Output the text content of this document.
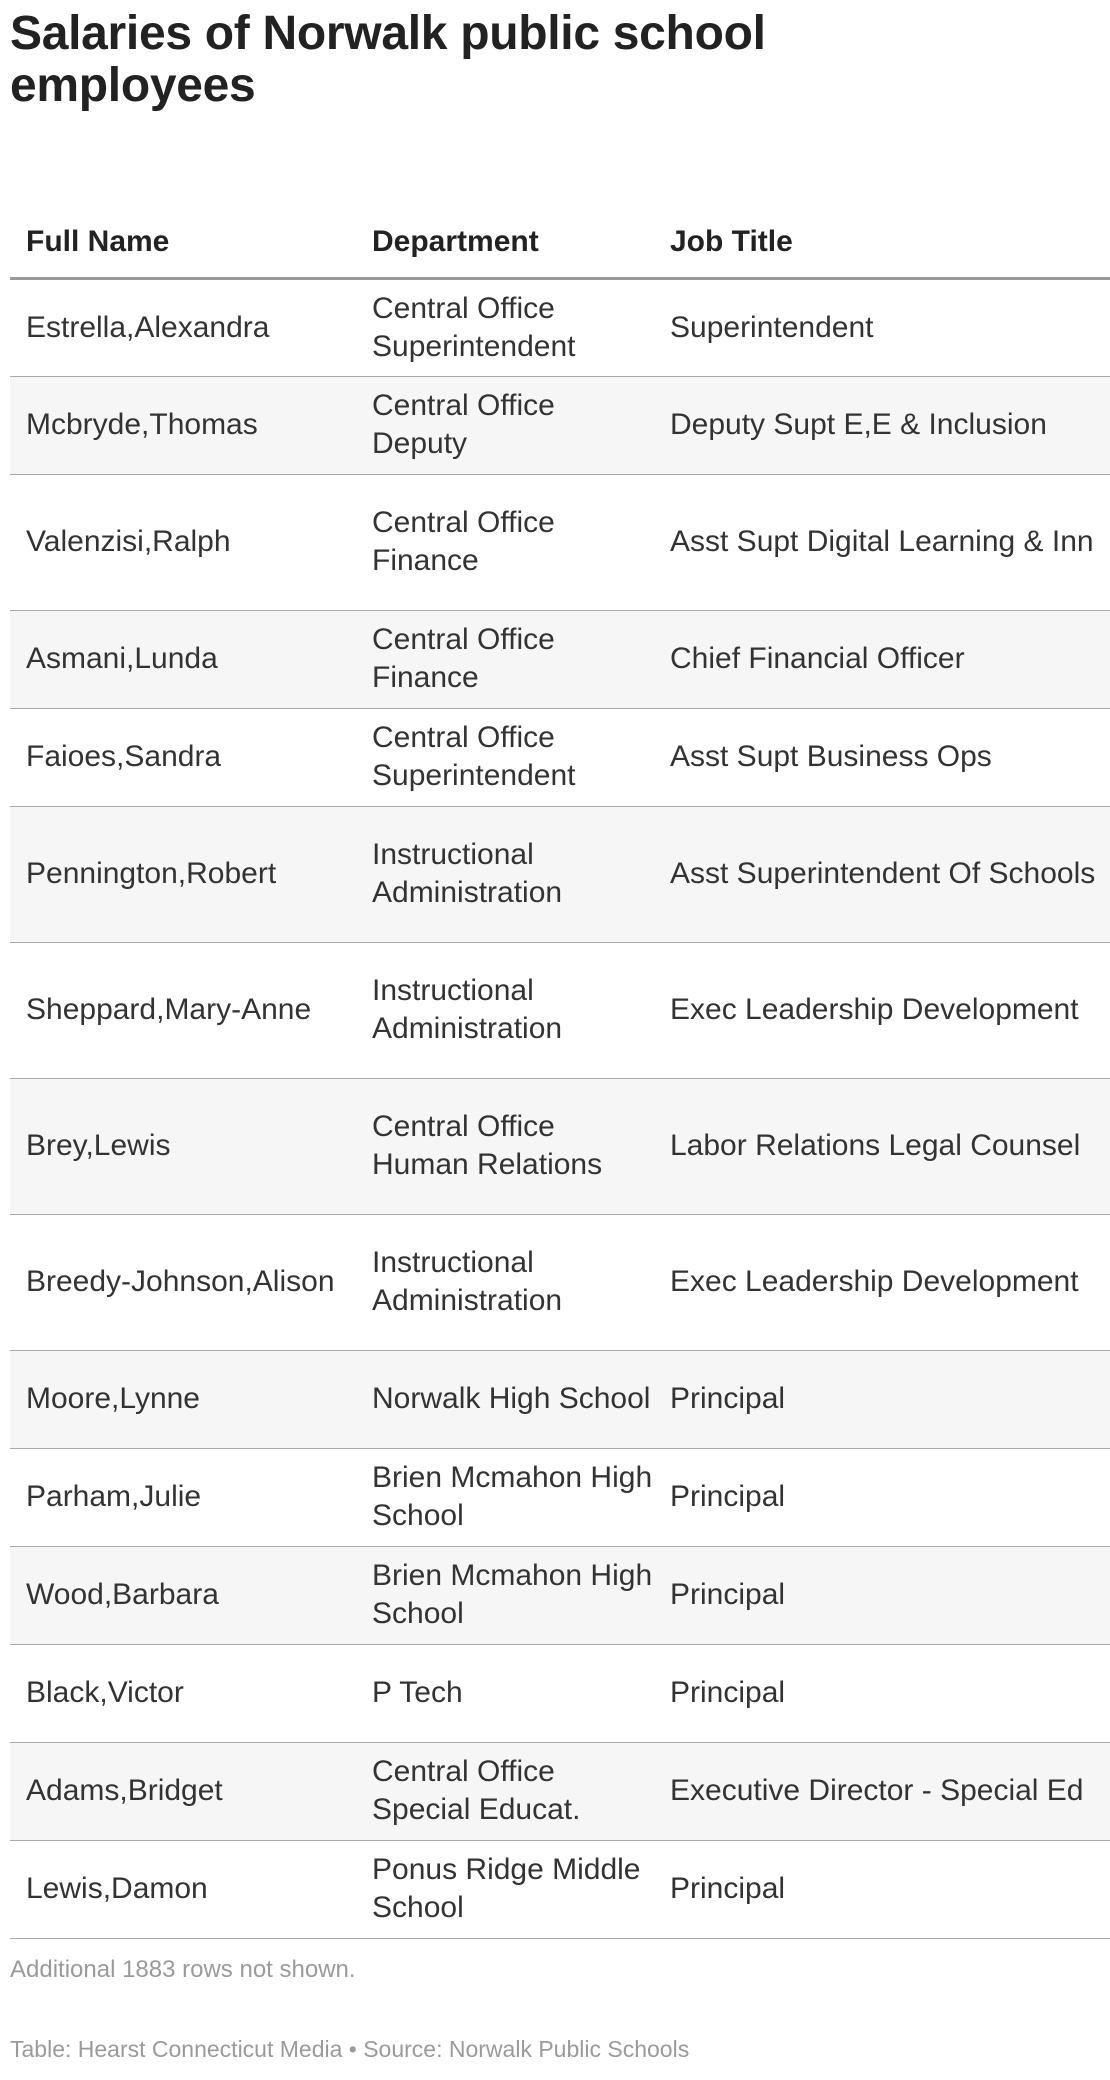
Salaries of Norwalk public school employees
Full Name	Department	Job Title
Estrella,Alexandra	Central Office Superintendent	Superintendent
Mcbryde,Thomas	Central Office Deputy	Deputy Supt E,E & Inclusion
Valenzisi,Ralph	Central Office Finance	Asst Supt Digital Learning & Inn
Asmani,Lunda	Central Office Finance	Chief Financial Officer
Faioes,Sandra	Central Office Superintendent	Asst Supt Business Ops
Pennington,Robert	Instructional Administration	Asst Superintendent Of Schools
Sheppard,Mary-Anne	Instructional Administration	Exec Leadership Development
Brey,Lewis	Central Office Human Relations	Labor Relations Legal Counsel
Breedy-Johnson,Alison	Instructional Administration	Exec Leadership Development
Moore,Lynne	Norwalk High School	Principal
Parham,Julie	Brien Mcmahon High School	Principal
Wood,Barbara	Brien Mcmahon High School	Principal
Black,Victor	P Tech	Principal
Adams,Bridget	Central Office Special Educat.	Executive Director - Special Ed
Lewis,Damon	Ponus Ridge Middle School	Principal
Additional 1883 rows not shown.
Table: Hearst Connecticut Media • Source: Norwalk Public Schools
